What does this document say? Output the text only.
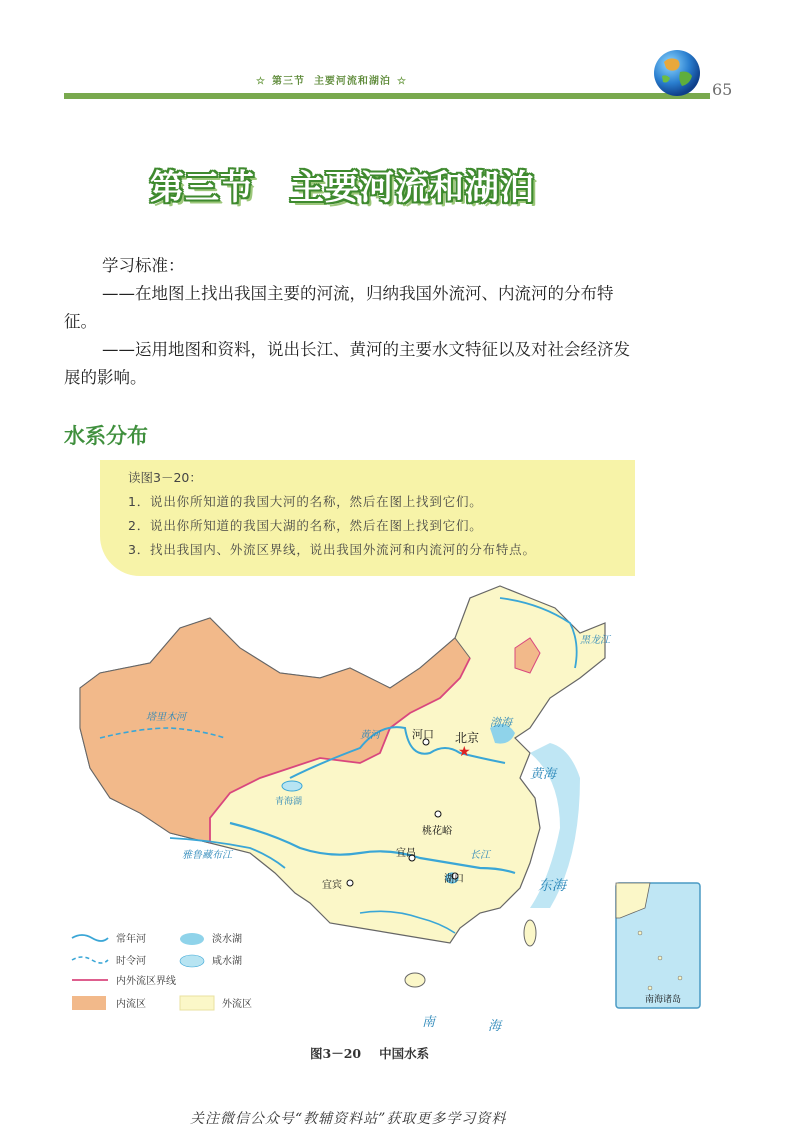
☆ 第三节 主要河流和湖泊 ☆	65
第三节　主要河流和湖泊

学习标准：

——在地图上找出我国主要的河流，归纳我国外流河、内流河的分布特征。

——运用地图和资料，说出长江、黄河的主要水文特征以及对社会经济发展的影响。

水系分布
读图3－20：
1．说出你所知道的我国大河的名称，然后在图上找到它们。
2．说出你所知道的我国大湖的名称，然后在图上找到它们。
3．找出我国内、外流区界线，说出我国外流河和内流河的分布特点。
★
北京
河口
桃花峪
宜昌
湖口
宜宾
塔里木河
雅鲁藏布江
黑龙江
黄河
长江
青海湖
渤海
黄海
东海
南	海
南海诸岛
常年河
时令河
内外流区界线
内流区
淡水湖
咸水湖
外流区
图3－20 中国水系
关注微信公众号“教辅资料站”获取更多学习资料
